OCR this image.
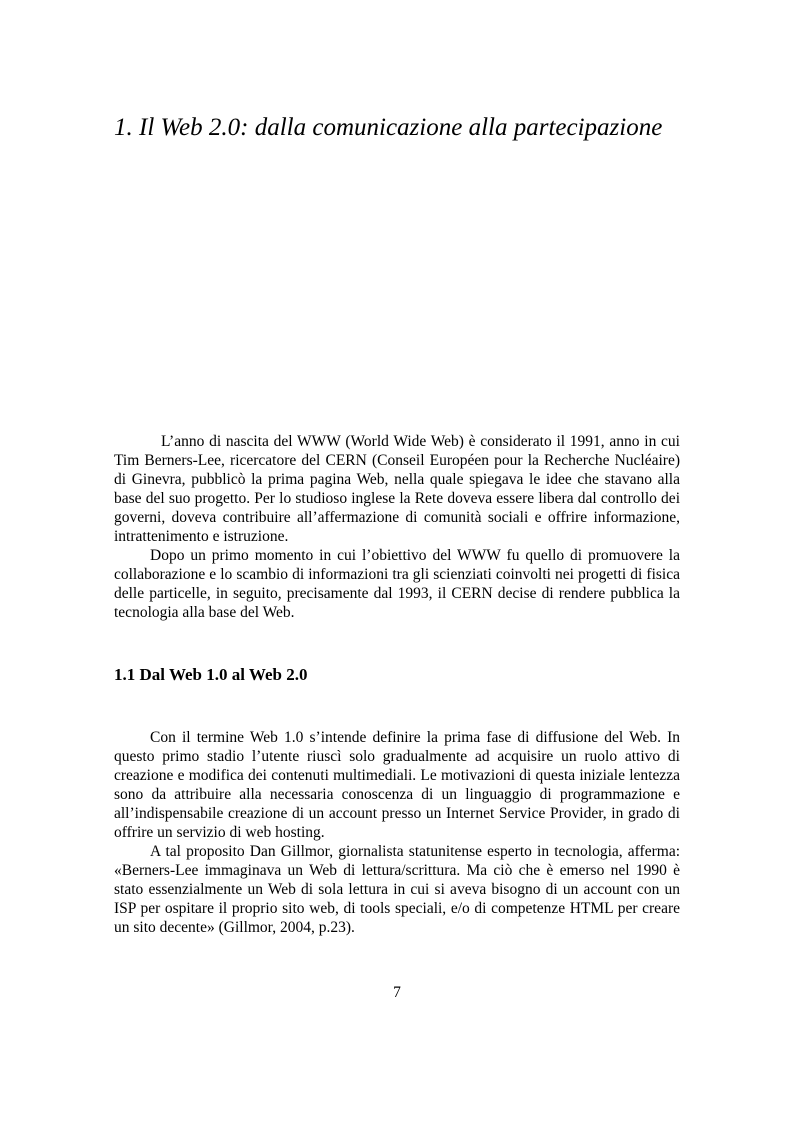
1. Il Web 2.0: dalla comunicazione alla partecipazione

L’anno di nascita del WWW (World Wide Web) è considerato il 1991, anno in cui Tim Berners-Lee, ricercatore del CERN (Conseil Européen pour la Recherche Nucléaire) di Ginevra, pubblicò la prima pagina Web, nella quale spiegava le idee che stavano alla base del suo progetto. Per lo studioso inglese la Rete doveva essere libera dal controllo dei governi, doveva contribuire all’affermazione di comunità sociali e offrire informazione, intrattenimento e istruzione.

Dopo un primo momento in cui l’obiettivo del WWW fu quello di promuovere la collaborazione e lo scambio di informazioni tra gli scienziati coinvolti nei progetti di fisica delle particelle, in seguito, precisamente dal 1993, il CERN decise di rendere pubblica la tecnologia alla base del Web.

1.1 Dal Web 1.0 al Web 2.0

Con il termine Web 1.0 s’intende definire la prima fase di diffusione del Web. In questo primo stadio l’utente riuscì solo gradualmente ad acquisire un ruolo attivo di creazione e modifica dei contenuti multimediali. Le motivazioni di questa iniziale lentezza sono da attribuire alla necessaria conoscenza di un linguaggio di programmazione e all’indispensabile creazione di un account presso un Internet Service Provider, in grado di offrire un servizio di web hosting.

A tal proposito Dan Gillmor, giornalista statunitense esperto in tecnologia, afferma: «Berners-Lee immaginava un Web di lettura/scrittura. Ma ciò che è emerso nel 1990 è stato essenzialmente un Web di sola lettura in cui si aveva bisogno di un account con un ISP per ospitare il proprio sito web, di tools speciali, e/o di competenze HTML per creare un sito decente» (Gillmor, 2004, p.23).

7
